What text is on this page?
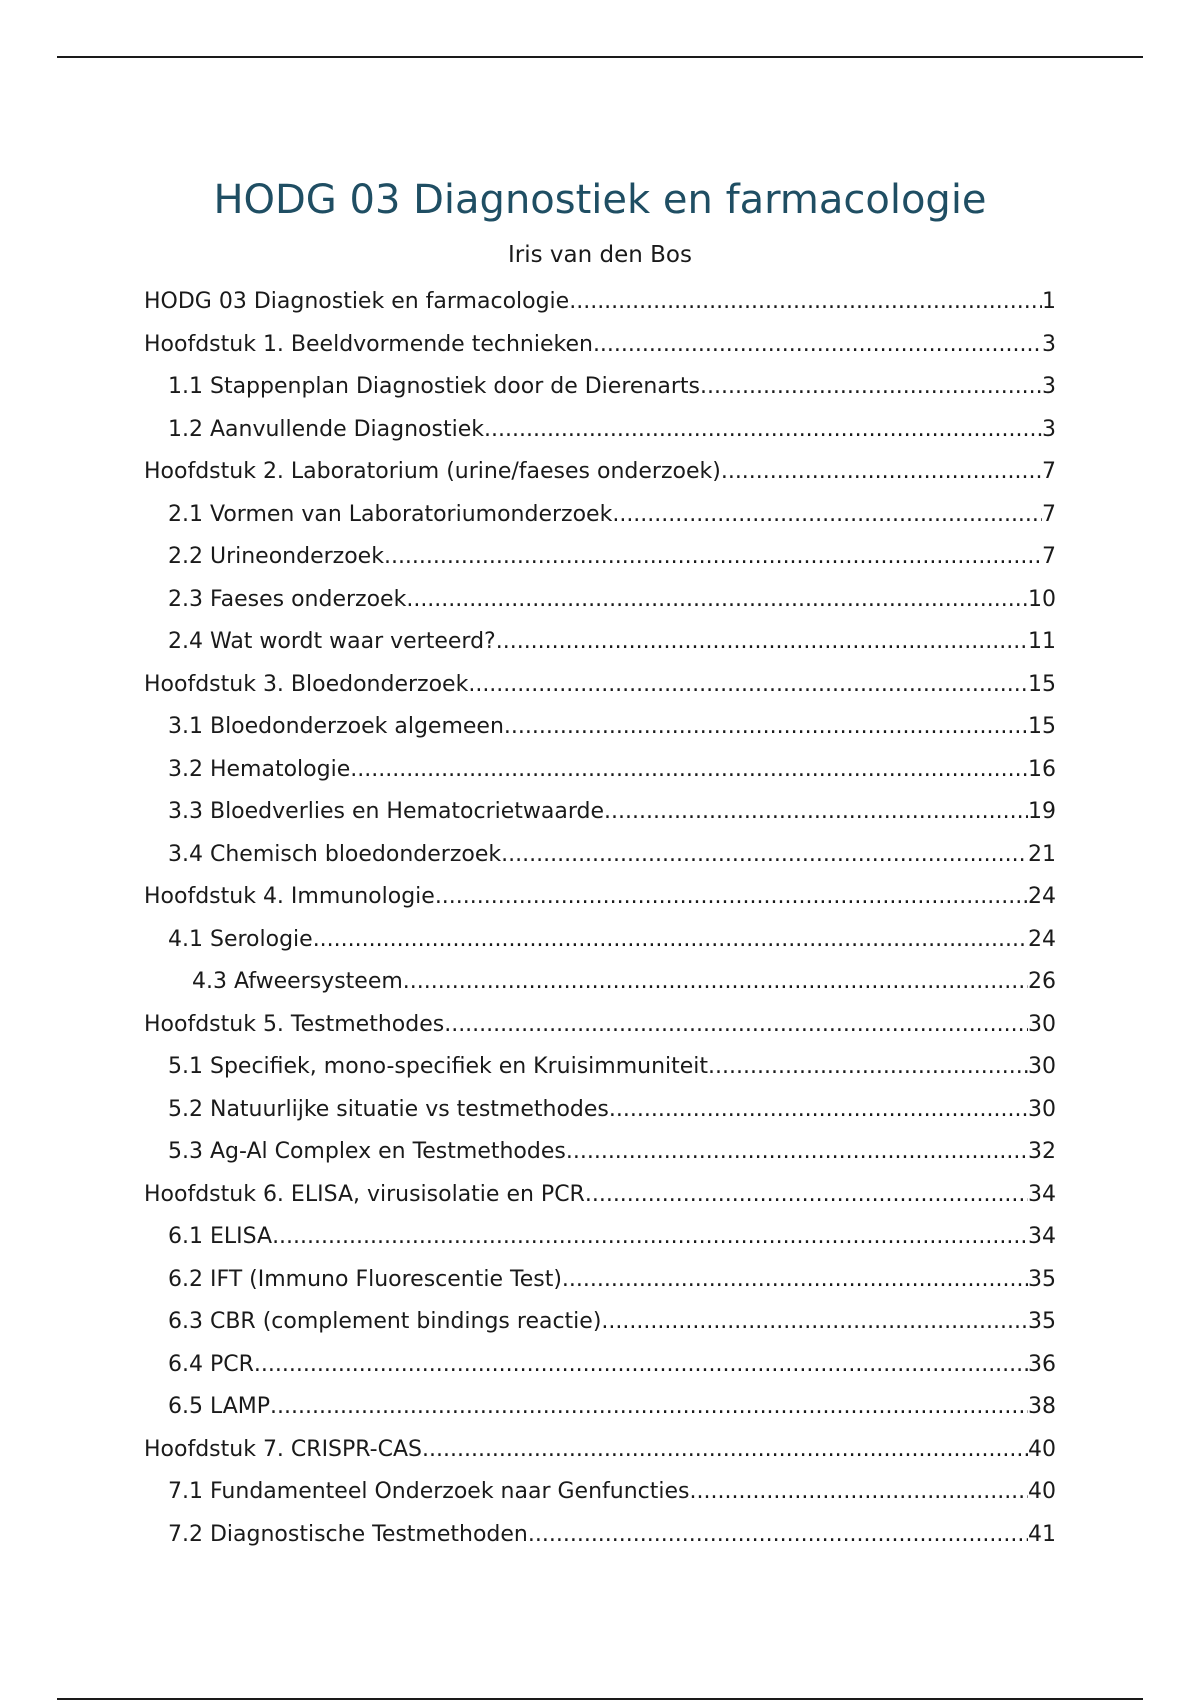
HODG 03 Diagnostiek en farmacologie
Iris van den Bos
HODG 03 Diagnostiek en farmacologie .....	1
Hoofdstuk 1. Beeldvormende technieken .....	3
1.1 Stappenplan Diagnostiek door de Dierenarts .....	3
1.2 Aanvullende Diagnostiek .....	3
Hoofdstuk 2. Laboratorium (urine/faeses onderzoek) .....	7
2.1 Vormen van Laboratoriumonderzoek .....	7
2.2 Urineonderzoek .....	7
2.3 Faeses onderzoek .....	10
2.4 Wat wordt waar verteerd? .....	11
Hoofdstuk 3. Bloedonderzoek .....	15
3.1 Bloedonderzoek algemeen .....	15
3.2 Hematologie .....	16
3.3 Bloedverlies en Hematocrietwaarde .....	19
3.4 Chemisch bloedonderzoek .....	21
Hoofdstuk 4. Immunologie .....	24
4.1 Serologie .....	24
4.3 Afweersysteem .....	26
Hoofdstuk 5. Testmethodes .....	30
5.1 Specifiek, mono-specifiek en Kruisimmuniteit .....	30
5.2 Natuurlijke situatie vs testmethodes .....	30
5.3 Ag-Al Complex en Testmethodes .....	32
Hoofdstuk 6. ELISA, virusisolatie en PCR .....	34
6.1 ELISA .....	34
6.2 IFT (Immuno Fluorescentie Test) .....	35
6.3 CBR (complement bindings reactie) .....	35
6.4 PCR .....	36
6.5 LAMP .....	38
Hoofdstuk 7. CRISPR-CAS .....	40
7.1 Fundamenteel Onderzoek naar Genfuncties .....	40
7.2 Diagnostische Testmethoden .....	41
